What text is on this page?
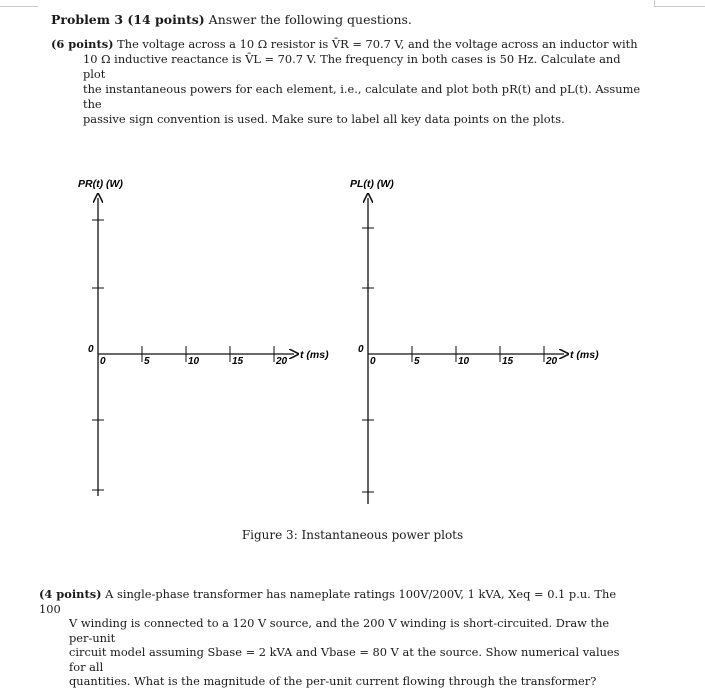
Problem 3 (14 points) Answer the following questions.
(6 points) The voltage across a 10 Ω resistor is V̄R = 70.7 V, and the voltage across an inductor with
10 Ω inductive reactance is V̄L = 70.7 V. The frequency in both cases is 50 Hz. Calculate and plot
the instantaneous powers for each element, i.e., calculate and plot both pR(t) and pL(t). Assume the
passive sign convention is used. Make sure to label all key data points on the plots.
PR(t) (W)
0
0	5	10	15	20
t (ms)
PL(t) (W)
0
0	5	10	15	20
t (ms)
Figure 3: Instantaneous power plots
(4 points) A single-phase transformer has nameplate ratings 100V/200V, 1 kVA, Xeq = 0.1 p.u. The 100
V winding is connected to a 120 V source, and the 200 V winding is short-circuited. Draw the per-unit
circuit model assuming Sbase = 2 kVA and Vbase = 80 V at the source. Show numerical values for all
quantities. What is the magnitude of the per-unit current flowing through the transformer?
